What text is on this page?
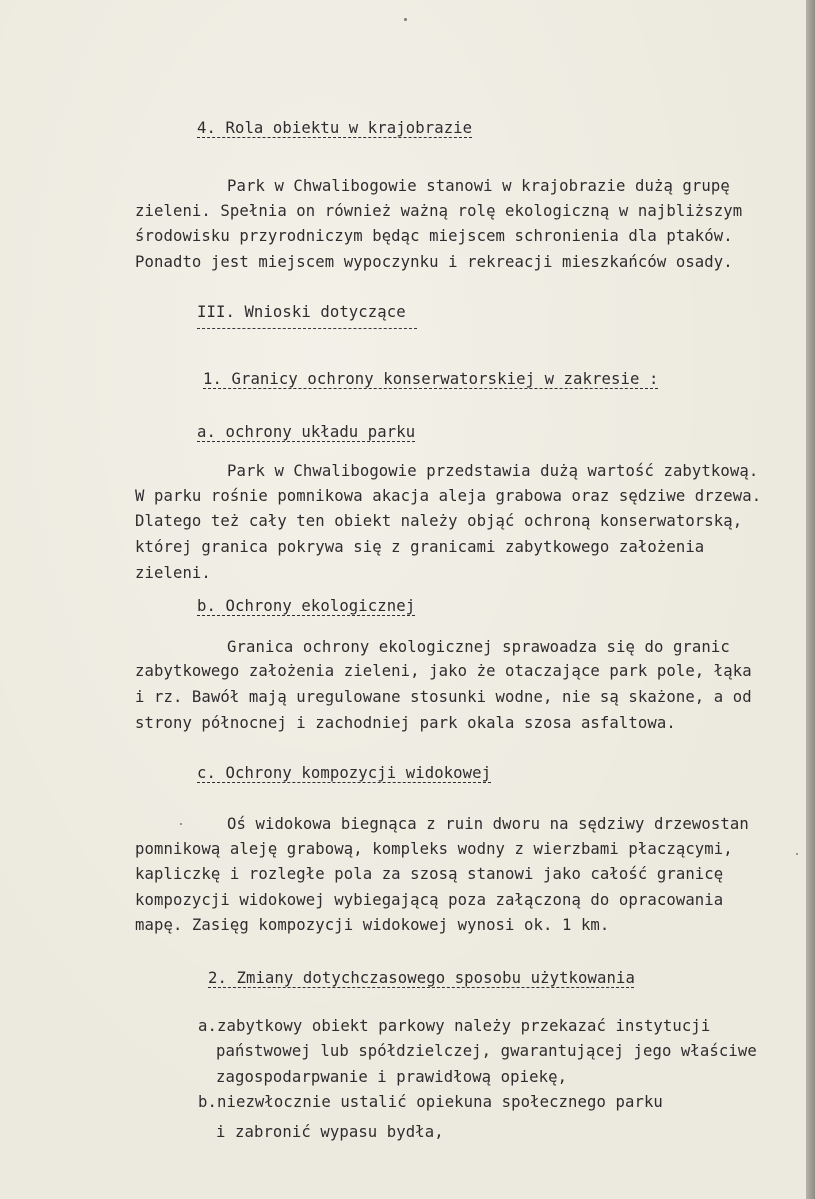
4. Rola obiektu w krajobrazie
Park w Chwalibogowie stanowi w krajobrazie dużą grupę
zieleni. Spełnia on również ważną rolę ekologiczną w najbliższym
środowisku przyrodniczym będąc miejscem schronienia dla ptaków.
Ponadto jest miejscem wypoczynku i rekreacji mieszkańców osady.
III. Wnioski dotyczące
1. Granicy ochrony konserwatorskiej w zakresie :
a. ochrony układu parku
Park w Chwalibogowie przedstawia dużą wartość zabytkową.
W parku rośnie pomnikowa akacja aleja grabowa oraz sędziwe drzewa.
Dlatego też cały ten obiekt należy objąć ochroną konserwatorską,
której granica pokrywa się z granicami zabytkowego założenia
zieleni.
b. Ochrony ekologicznej
Granica ochrony ekologicznej sprawoadza się do granic
zabytkowego założenia zieleni, jako że otaczające park pole, łąka
i rz. Bawół mają uregulowane stosunki wodne, nie są skażone, a od
strony północnej i zachodniej park okala szosa asfaltowa.
c. Ochrony kompozycji widokowej
Oś widokowa biegnąca z ruin dworu na sędziwy drzewostan
pomnikową aleję grabową, kompleks wodny z wierzbami płaczącymi,
kapliczkę i rozległe pola za szosą stanowi jako całość granicę
kompozycji widokowej wybiegającą poza załączoną do opracowania
mapę. Zasięg kompozycji widokowej wynosi ok. 1 km.
2. Zmiany dotychczasowego sposobu użytkowania
a.zabytkowy obiekt parkowy należy przekazać instytucji
państwowej lub spółdzielczej, gwarantującej jego właściwe
zagospodarpwanie i prawidłową opiekę,
b.niezwłocznie ustalić opiekuna społecznego parku
i zabronić wypasu bydła,
